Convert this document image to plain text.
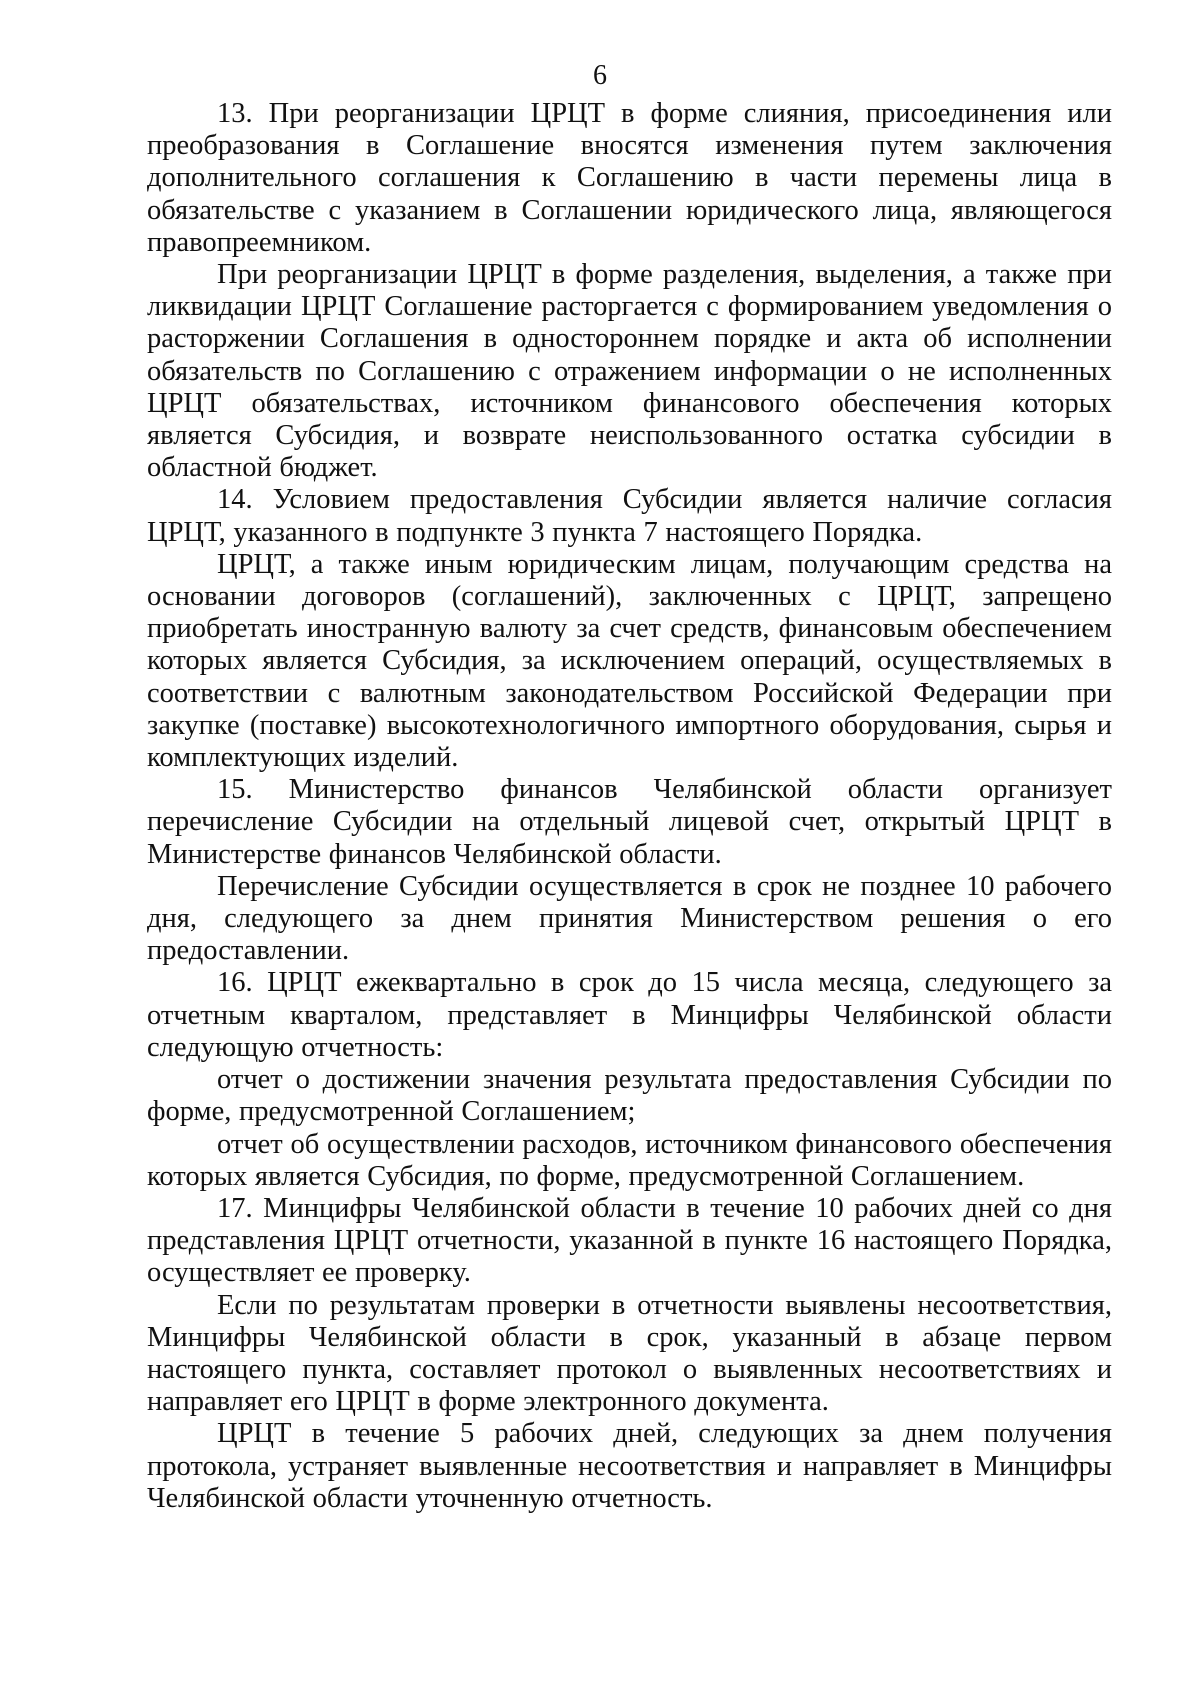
6

13. При реорганизации ЦРЦТ в форме слияния, присоединения или преобразования в Соглашение вносятся изменения путем заключения дополнительного соглашения к Соглашению в части перемены лица в обязательстве с указанием в Соглашении юридического лица, являющегося правопреемником.

При реорганизации ЦРЦТ в форме разделения, выделения, а также при ликвидации ЦРЦТ Соглашение расторгается с формированием уведомления о расторжении Соглашения в одностороннем порядке и акта об исполнении обязательств по Соглашению с отражением информации о не исполненных ЦРЦТ обязательствах, источником финансового обеспечения которых является Субсидия, и возврате неиспользованного остатка субсидии в областной бюджет.

14. Условием предоставления Субсидии является наличие согласия ЦРЦТ, указанного в подпункте 3 пункта 7 настоящего Порядка.

ЦРЦТ, а также иным юридическим лицам, получающим средства на основании договоров (соглашений), заключенных с ЦРЦТ, запрещено приобретать иностранную валюту за счет средств, финансовым обеспечением которых является Субсидия, за исключением операций, осуществляемых в соответствии с валютным законодательством Российской Федерации при закупке (поставке) высокотехнологичного импортного оборудования, сырья и комплектующих изделий.

15. Министерство финансов Челябинской области организует перечисление Субсидии на отдельный лицевой счет, открытый ЦРЦТ в Министерстве финансов Челябинской области.

Перечисление Субсидии осуществляется в срок не позднее 10 рабочего дня, следующего за днем принятия Министерством решения о его предоставлении.

16. ЦРЦТ ежеквартально в срок до 15 числа месяца, следующего за отчетным кварталом, представляет в Минцифры Челябинской области следующую отчетность:

отчет о достижении значения результата предоставления Субсидии по форме, предусмотренной Соглашением;

отчет об осуществлении расходов, источником финансового обеспечения которых является Субсидия, по форме, предусмотренной Соглашением.

17. Минцифры Челябинской области в течение 10 рабочих дней со дня представления ЦРЦТ отчетности, указанной в пункте 16 настоящего Порядка, осуществляет ее проверку.

Если по результатам проверки в отчетности выявлены несоответствия, Минцифры Челябинской области в срок, указанный в абзаце первом настоящего пункта, составляет протокол о выявленных несоответствиях и направляет его ЦРЦТ в форме электронного документа.

ЦРЦТ в течение 5 рабочих дней, следующих за днем получения протокола, устраняет выявленные несоответствия и направляет в Минцифры Челябинской области уточненную отчетность.
